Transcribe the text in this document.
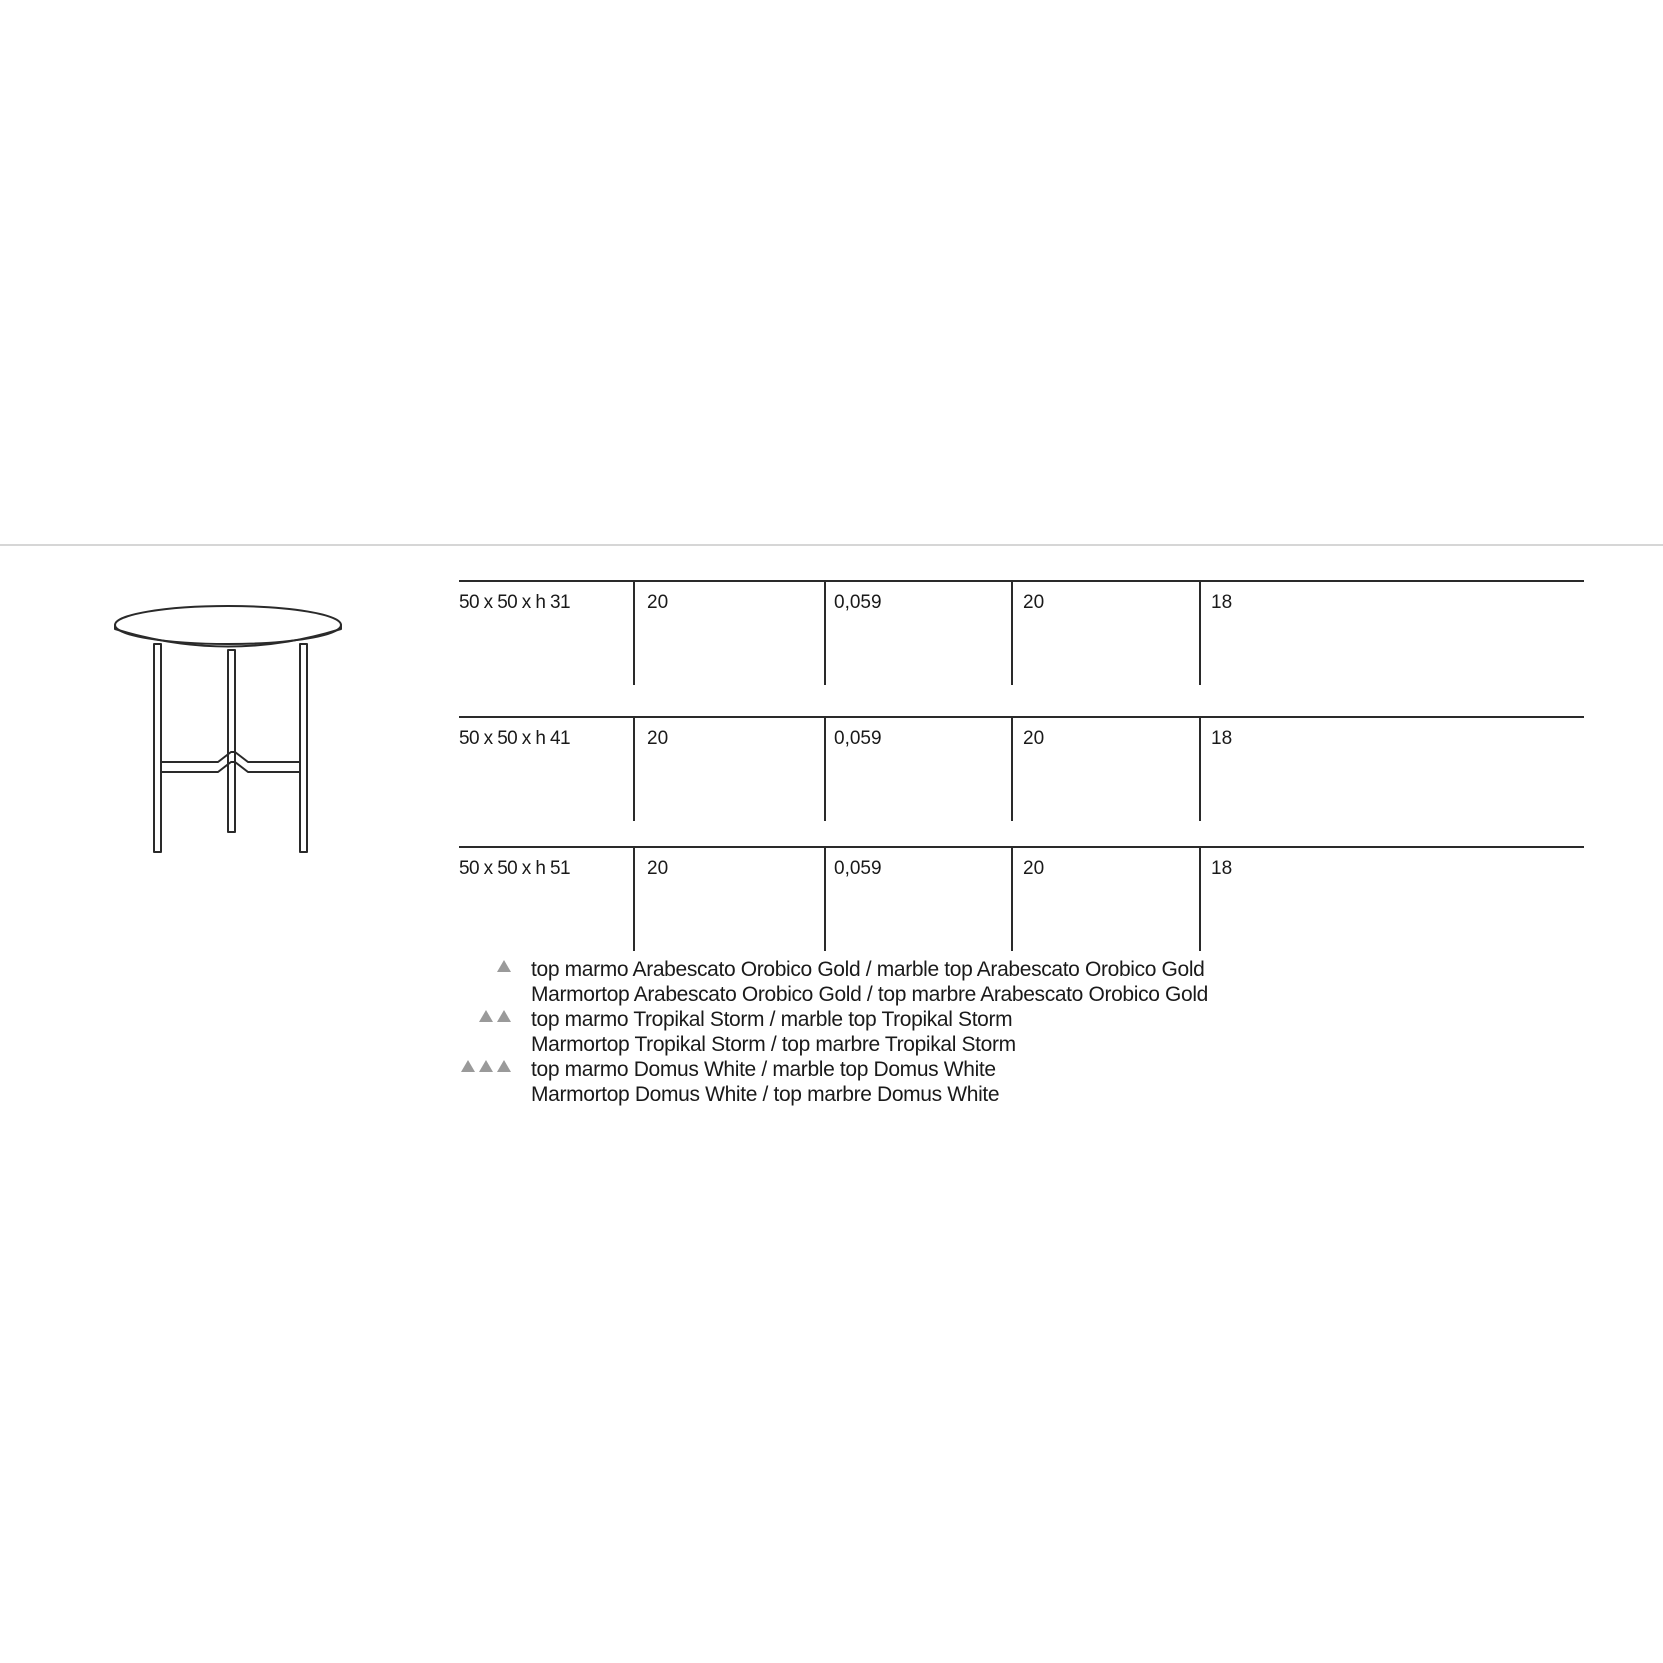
50 x 50 x h 31	20	0,059	20	18
50 x 50 x h 41	20	0,059	20	18
50 x 50 x h 51	20	0,059	20	18
top marmo Arabescato Orobico Gold / marble top Arabescato Orobico Gold
Marmortop Arabescato Orobico Gold / top marbre Arabescato Orobico Gold
top marmo Tropikal Storm / marble top Tropikal Storm
Marmortop Tropikal Storm / top marbre Tropikal Storm
top marmo Domus White / marble top Domus White
Marmortop Domus White / top marbre Domus White
